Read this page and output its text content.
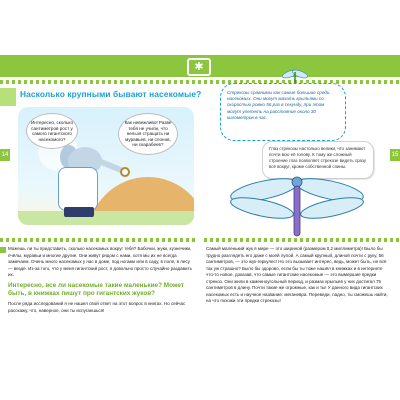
✱
Насколько крупными бывают насекомые?
14	15
Интересно, сколько сантиметров рост у самого гигантского насекомого?
Как невежливо! Разве тебя не учили, что нельзя стращать ни муравьев, ни слонов, ни скарабеев?
Стрекозы сравнимы как самые большие среди насекомых. Они могут махать крыльями со скоростью ровно 56 раз в секунду, при этом могут улететь на расстояние около 30 километров в час.
Глаз стрекозы настолько велики, что занимают почти всю её голову. К тому же сложный строение глаз позволяет стрекозе видеть сразу всё вокруг, кроме собственной спины.

Можешь ли ты представить, сколько насекомых вокруг тебя? Бабочки, жуки, кузнечики, пчёлы, муравьи и многие другие. Они живут рядом с нами, хотя мы их не всегда замечаем. Очень много насекомых у нас в доме, под ногами или в саду, в поле, в лесу — везде. Из-за того, что у меня гигантский рост, я довольно просто случайно раздавить их.

Интересно, все ли насекомые такие маленькие? Может быть, в книжках пишут про гигантских жуков?

После ряда исследований я не нашел свой ответ на этот вопрос в книгах. Но сейчас расскажу, что, наверное, они ты испугаешься!

Самый маленький жук в мире — это шириной (размером 0,2 миллиметра)! Было бы трудно разглядеть его даже с моей лупой. А самый крупный, длиной почти с руку, 56 сантиметров, — это жук-геркулес! Но это вызывает интерес, ведь, может быть, не всё так уж страшно? Было бы здорово, если бы ты тоже нашёл в книжках и в интернете что-то новое, доказав, что самые гигантские насекомые — это вымершие предки стрекоз. Они жили в каменноугольный период, и размах крыльев у них достигал 75 сантиметров в длину. Почти такие же огромные, как и ты! У данного вида гигантских насекомых есть и научное название: меганевра. Переведи, ладно, ты сможешь найти, на что похожи эти предки стрекозы!
